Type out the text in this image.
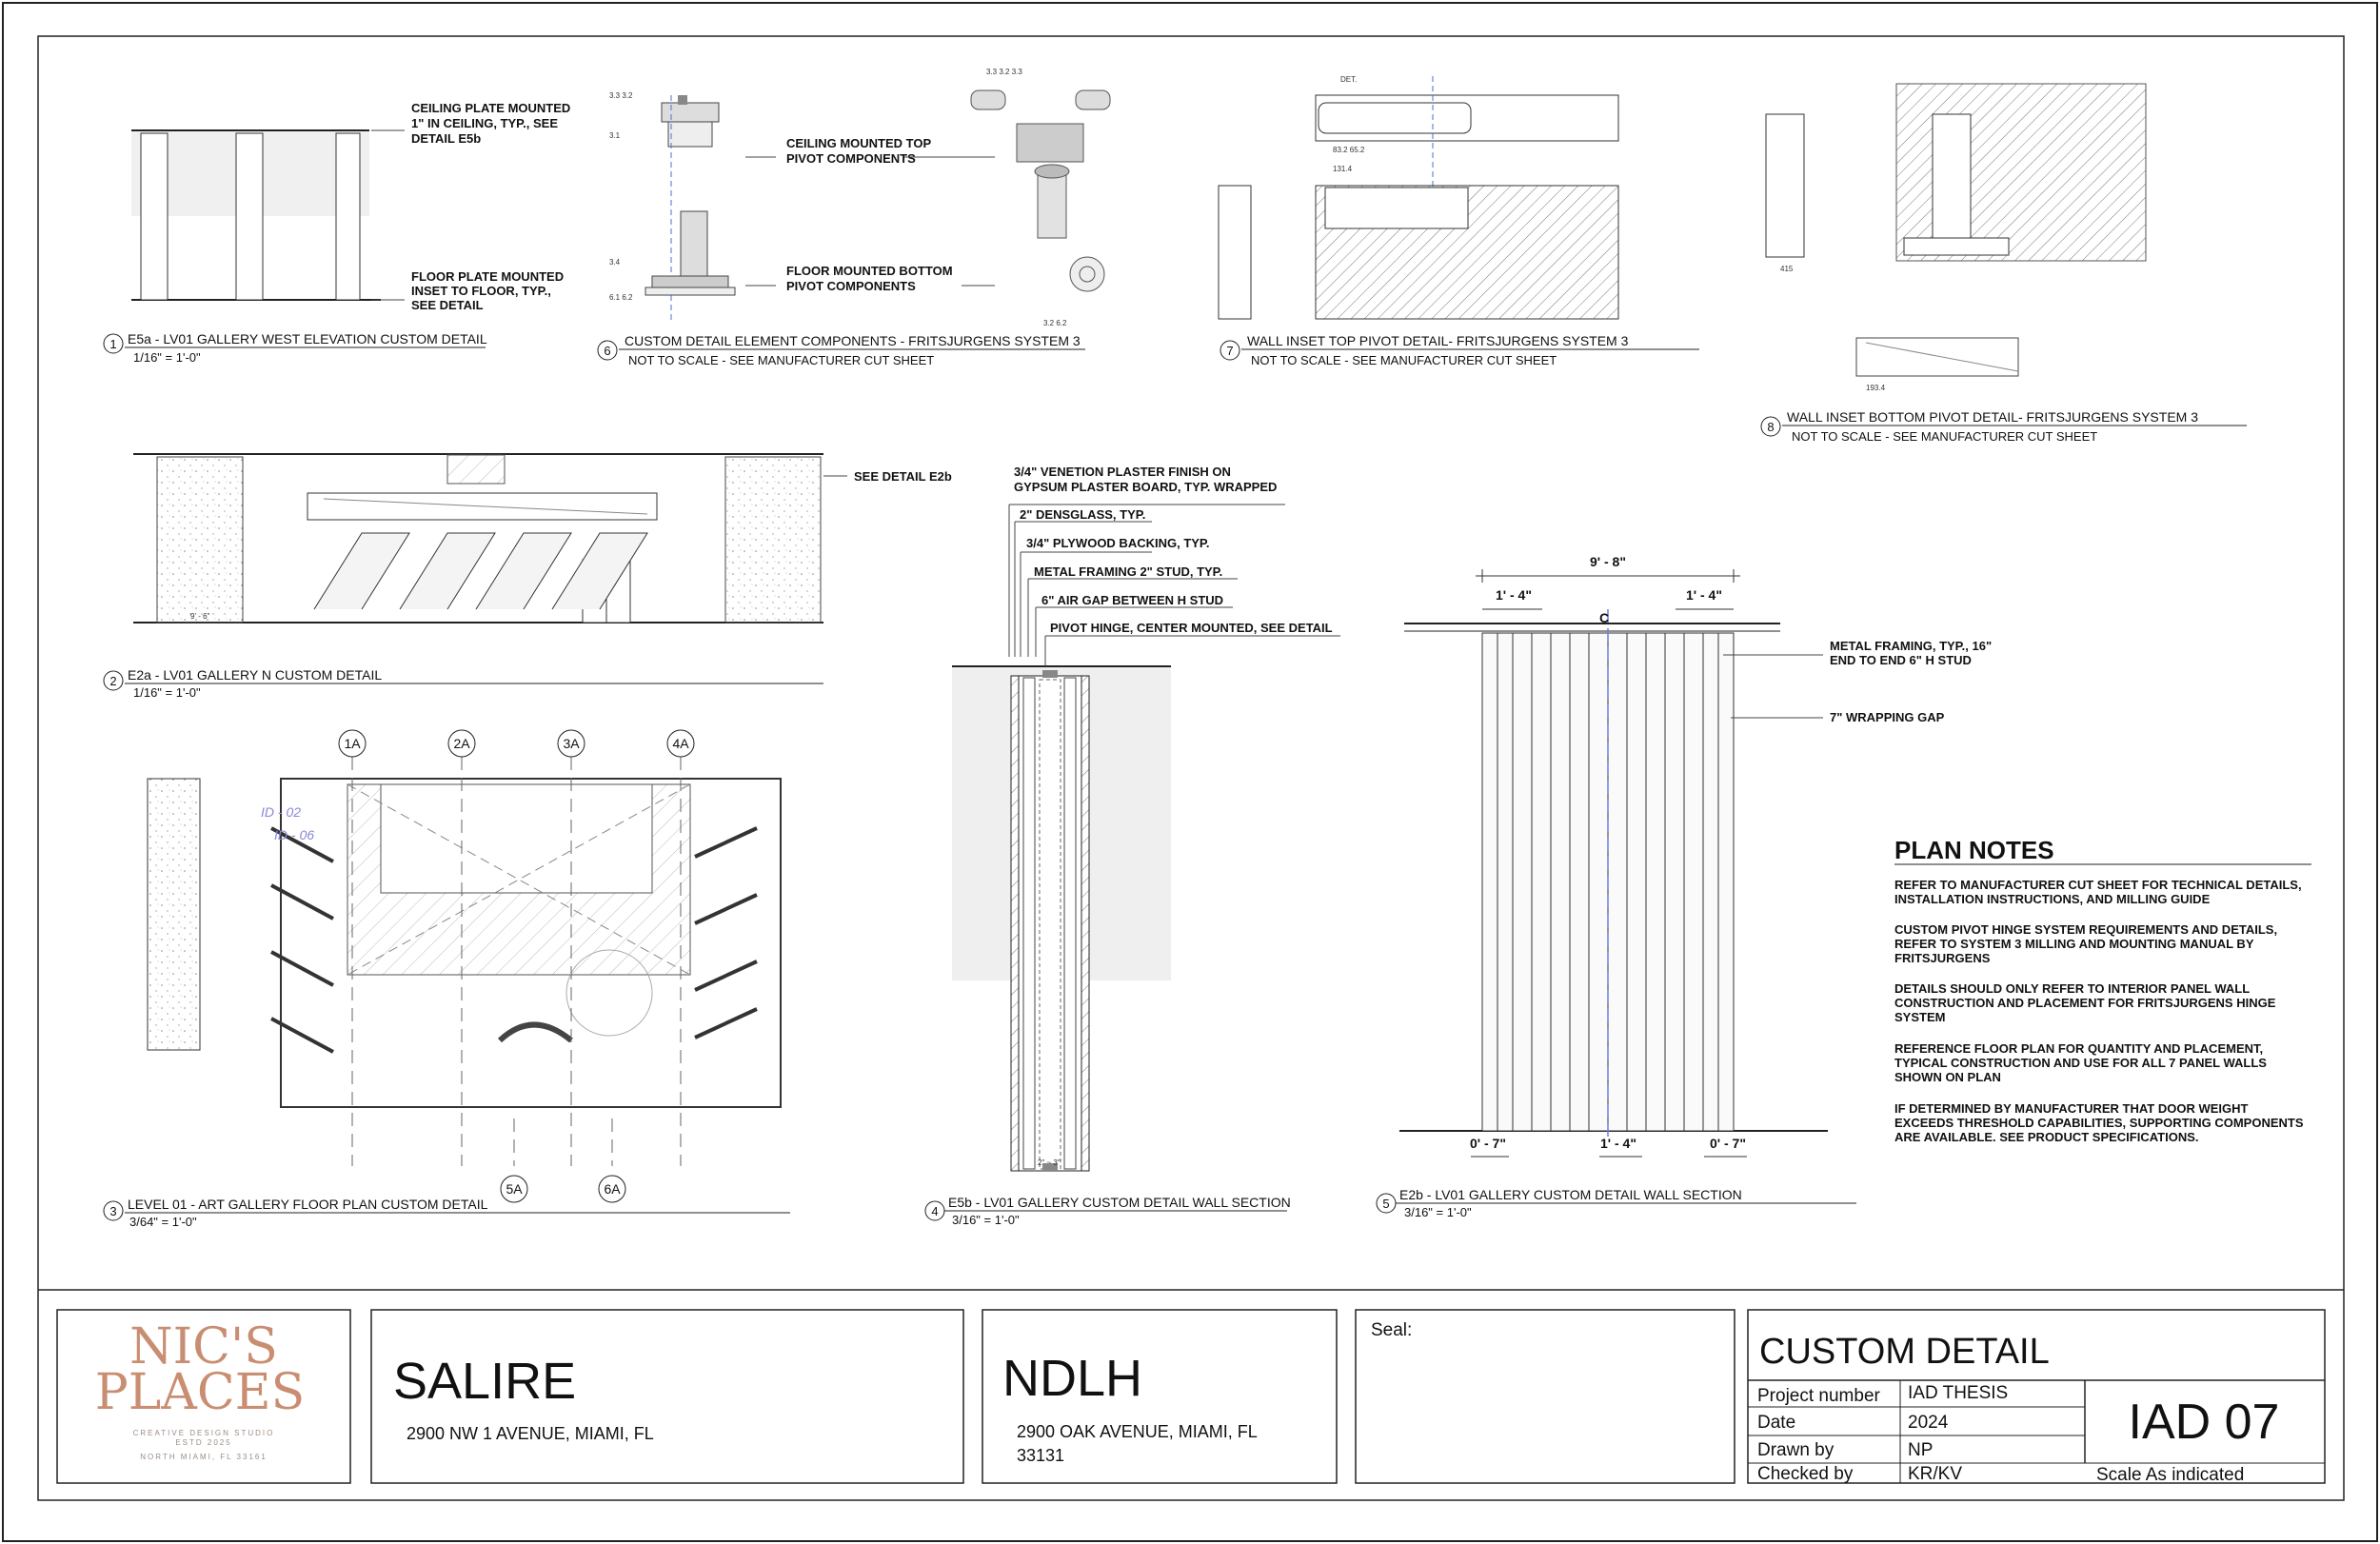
CEILING PLATE MOUNTED
1" IN CEILING, TYP., SEE
DETAIL E5b
FLOOR PLATE MOUNTED
INSET TO FLOOR, TYP.,
SEE DETAIL
1 E5a - LV01 GALLERY WEST ELEVATION CUSTOM DETAIL
1/16" = 1'-0"
3.3 3.2
3.1
3.4
6.1 6.2
CEILING MOUNTED TOP
PIVOT COMPONENTS
FLOOR MOUNTED BOTTOM
PIVOT COMPONENTS
3.3 3.2 3.3
3.2 6.2
6
CUSTOM DETAIL ELEMENT COMPONENTS - FRITSJURGENS SYSTEM 3
NOT TO SCALE - SEE MANUFACTURER CUT SHEET
DET.
83.2 65.2
131.4
7
WALL INSET TOP PIVOT DETAIL- FRITSJURGENS SYSTEM 3
NOT TO SCALE - SEE MANUFACTURER CUT SHEET
415
193.4
8
WALL INSET BOTTOM PIVOT DETAIL- FRITSJURGENS SYSTEM 3
NOT TO SCALE - SEE MANUFACTURER CUT SHEET
9' - 6"
SEE DETAIL E2b
2 E2a - LV01 GALLERY N CUSTOM DETAIL
1/16" = 1'-0"
1A	2A	3A	4A
5A	6A
ID - 02
ID - 06
3 LEVEL 01 - ART GALLERY FLOOR PLAN CUSTOM DETAIL
3/64" = 1'-0"
2" ~ 3"
3/4" VENETION PLASTER FINISH ON
GYPSUM PLASTER BOARD, TYP. WRAPPED
2" DENSGLASS, TYP.
3/4" PLYWOOD BACKING, TYP.
METAL FRAMING 2" STUD, TYP.
6" AIR GAP BETWEEN H STUD
PIVOT HINGE, CENTER MOUNTED, SEE DETAIL
4
E5b - LV01 GALLERY CUSTOM DETAIL WALL SECTION
3/16" = 1'-0"
9' - 8"
1' - 4"	1' - 4"
C
0' - 7"	1' - 4"	0' - 7"
METAL FRAMING, TYP., 16"
END TO END 6" H STUD
7" WRAPPING GAP
5
E2b - LV01 GALLERY CUSTOM DETAIL WALL SECTION
3/16" = 1'-0"
PLAN NOTES
REFER TO MANUFACTURER CUT SHEET FOR TECHNICAL DETAILS,
INSTALLATION INSTRUCTIONS, AND MILLING GUIDE
CUSTOM PIVOT HINGE SYSTEM REQUIREMENTS AND DETAILS,
REFER TO SYSTEM 3 MILLING AND MOUNTING MANUAL BY
FRITSJURGENS
DETAILS SHOULD ONLY REFER TO INTERIOR PANEL WALL
CONSTRUCTION AND PLACEMENT FOR FRITSJURGENS HINGE
SYSTEM
REFERENCE FLOOR PLAN FOR QUANTITY AND PLACEMENT,
TYPICAL CONSTRUCTION AND USE FOR ALL 7 PANEL WALLS
SHOWN ON PLAN
IF DETERMINED BY MANUFACTURER THAT DOOR WEIGHT
EXCEEDS THRESHOLD CAPABILITIES, SUPPORTING COMPONENTS
ARE AVAILABLE. SEE PRODUCT SPECIFICATIONS.
NIC'S
PLACES
CREATIVE DESIGN STUDIO
ESTD 2025
NORTH MIAMI, FL 33161
SALIRE
2900 NW 1 AVENUE, MIAMI, FL
NDLH
2900 OAK AVENUE, MIAMI, FL
33131
Seal:
CUSTOM DETAIL
Project number IAD THESIS
Date	2024
Drawn by	NP
Checked by	KR/KV
IAD 07
Scale As indicated
